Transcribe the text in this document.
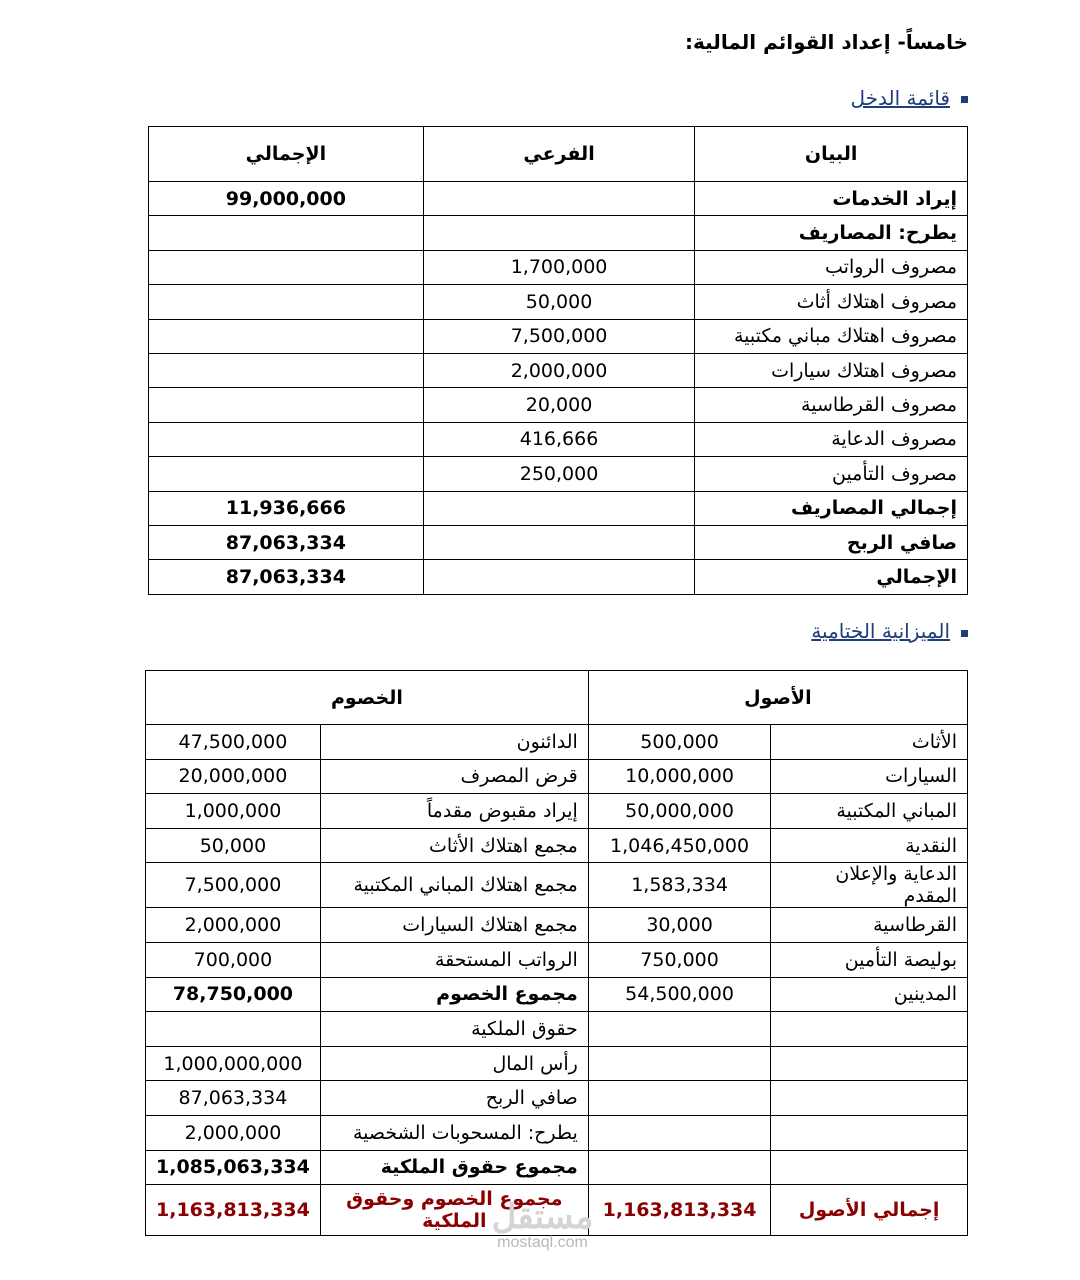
خامساً- إعداد القوائم المالية:
قائمة الدخل
البيان	الفرعي	الإجمالي
إيراد الخدمات		99,000,000
يطرح: المصاريف		
مصروف الرواتب	1,700,000	
مصروف اهتلاك أثاث	50,000	
مصروف اهتلاك مباني مكتبية	7,500,000	
مصروف اهتلاك سيارات	2,000,000	
مصروف القرطاسية	20,000	
مصروف الدعاية	416,666	
مصروف التأمين	250,000	
إجمالي المصاريف		11,936,666
صافي الربح		87,063,334
الإجمالي		87,063,334
الميزانية الختامية
الأصول		الخصوم	
الأثاث	500,000	الدائنون	47,500,000
السيارات	10,000,000	قرض المصرف	20,000,000
المباني المكتبية	50,000,000	إيراد مقبوض مقدماً	1,000,000
النقدية	1,046,450,000	مجمع اهتلاك الأثاث	50,000
الدعاية والإعلان المقدم	1,583,334	مجمع اهتلاك المباني المكتبية	7,500,000
القرطاسية	30,000	مجمع اهتلاك السيارات	2,000,000
بوليصة التأمين	750,000	الرواتب المستحقة	700,000
المدينين	54,500,000	مجموع الخصوم	78,750,000
		حقوق الملكية	
		رأس المال	1,000,000,000
		صافي الربح	87,063,334
		يطرح: المسحوبات الشخصية	2,000,000
		مجموع حقوق الملكية	1,085,063,334
إجمالي الأصول	1,163,813,334	مجموع الخصوم وحقوق الملكية	1,163,813,334	مستقل
mostaql.com
